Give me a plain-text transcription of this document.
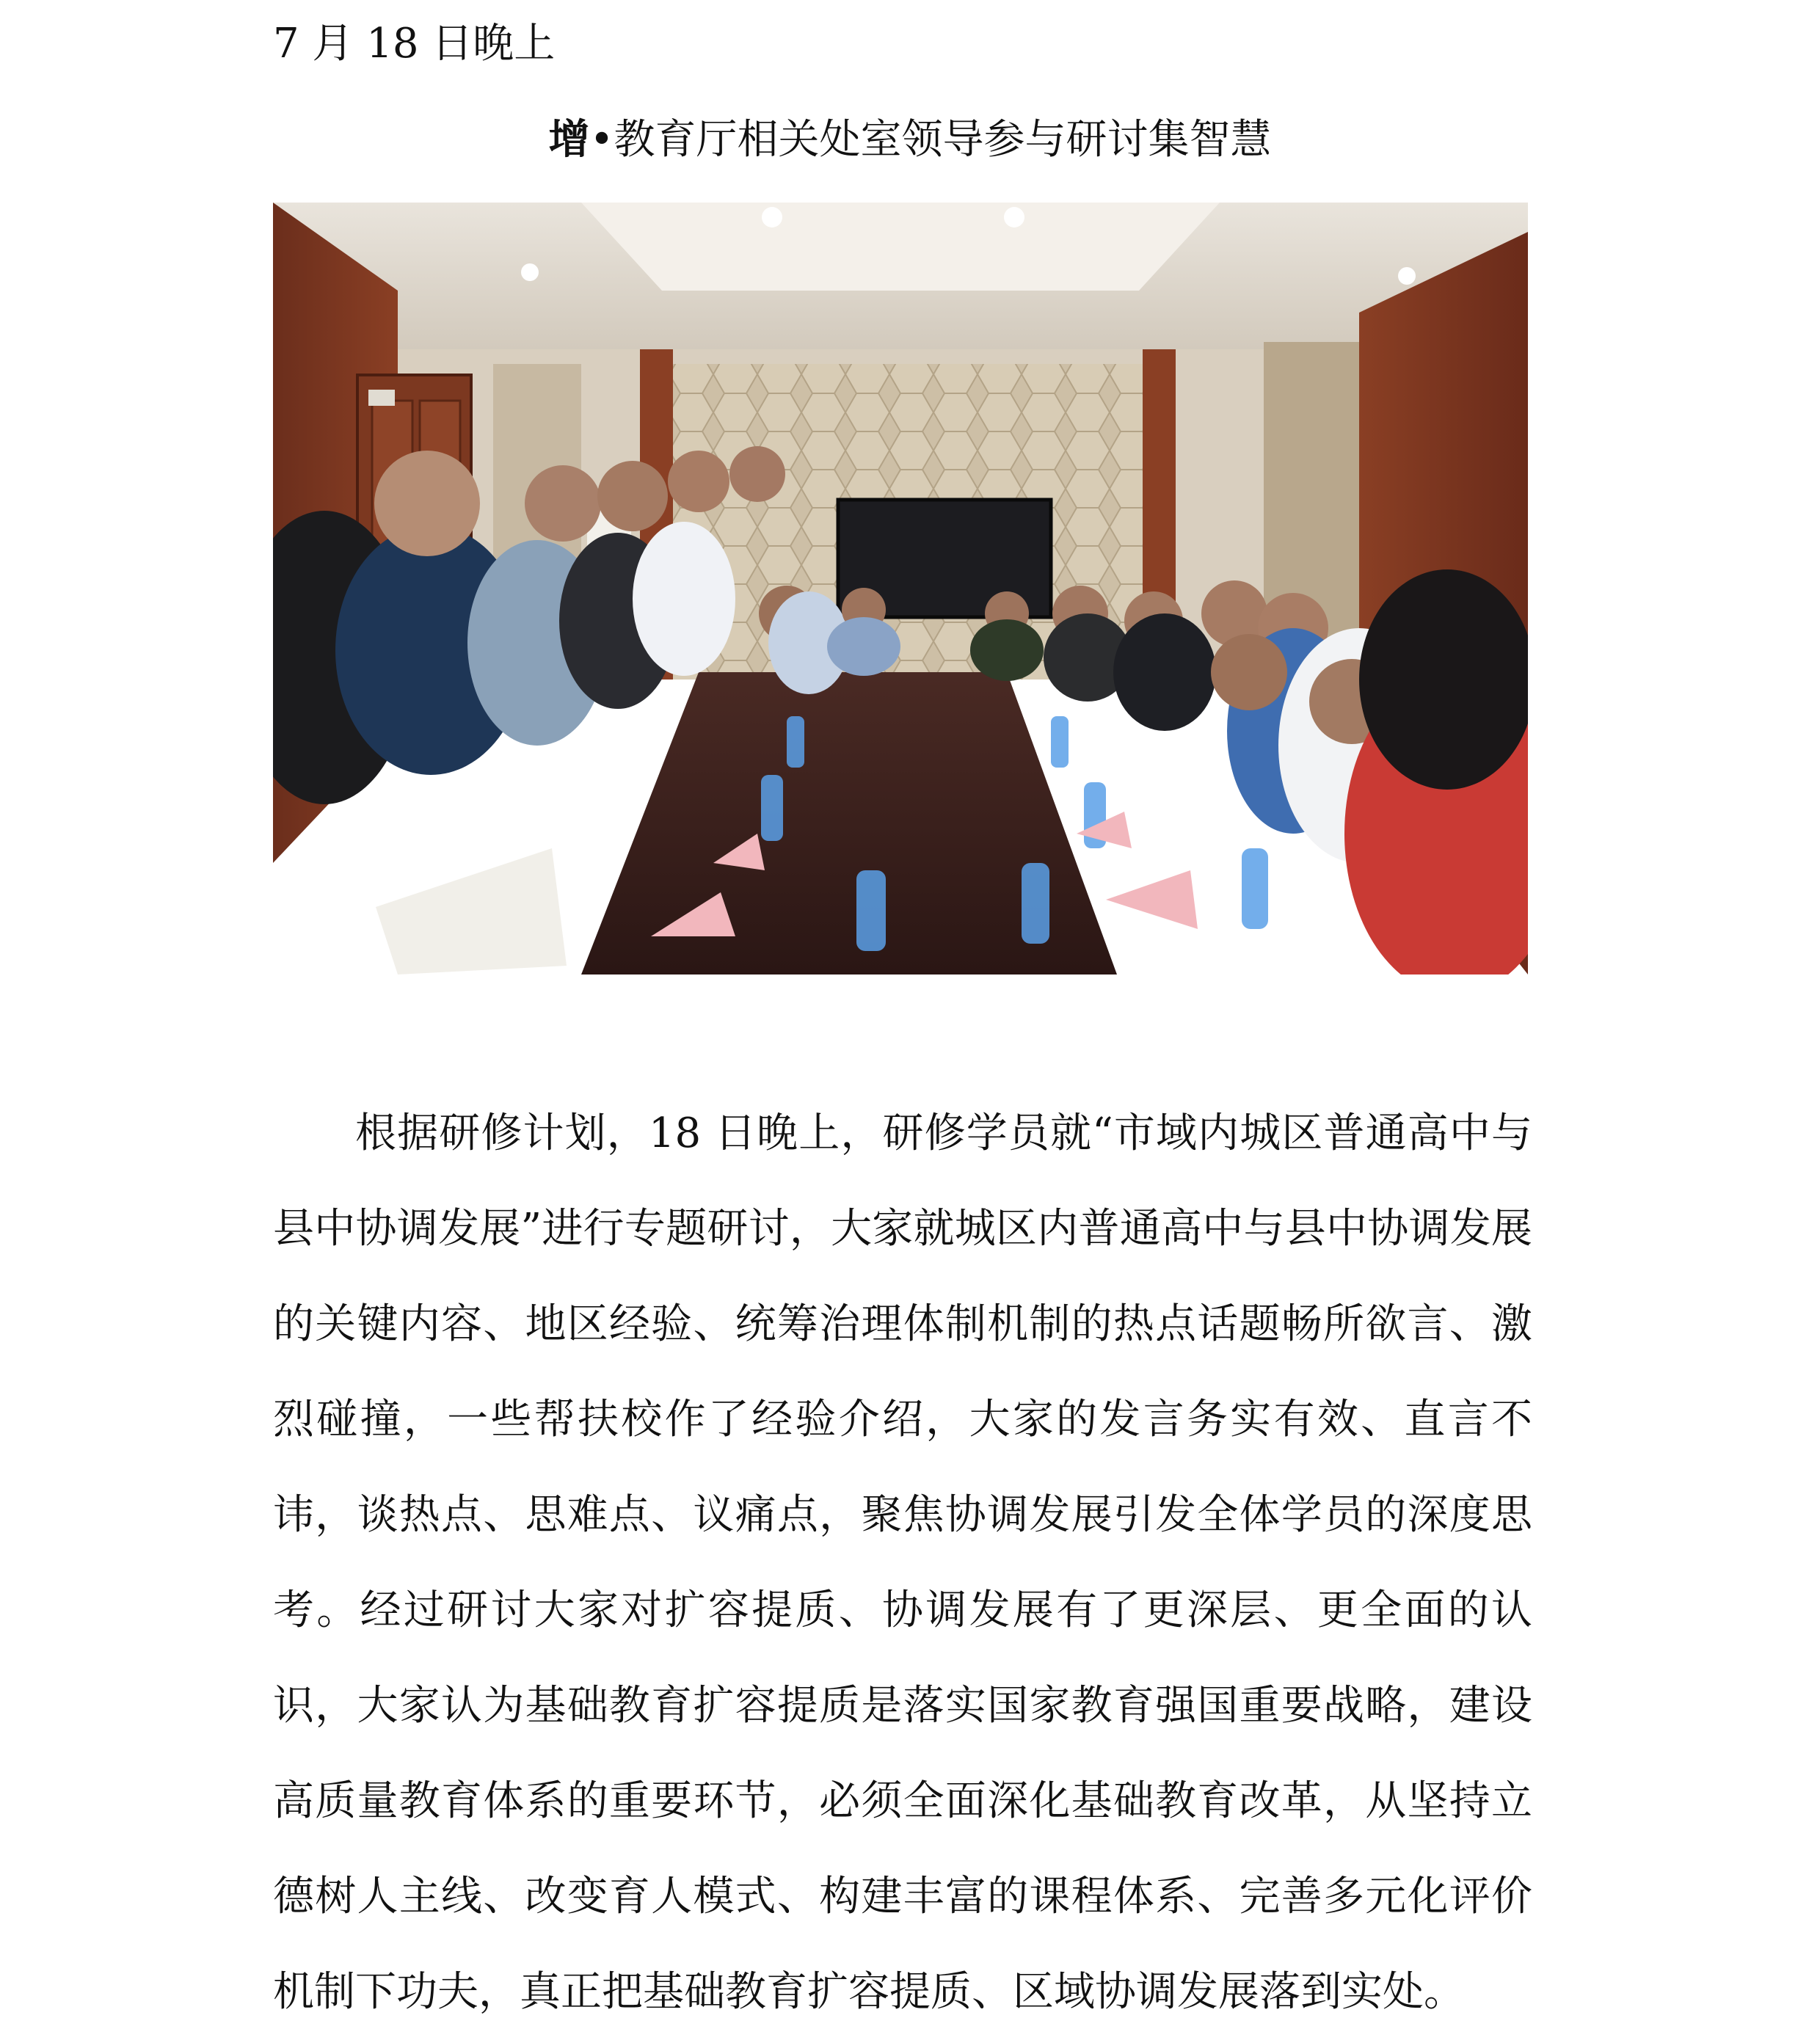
7 月 18 日晚上
增•教育厅相关处室领导参与研讨集智慧

根据研修计划，18 日晚上，研修学员就“市域内城区普通高中与县中协调发展”进行专题研讨，大家就城区内普通高中与县中协调发展的关键内容、地区经验、统筹治理体制机制的热点话题畅所欲言、激烈碰撞，一些帮扶校作了经验介绍，大家的发言务实有效、直言不讳，谈热点、思难点、议痛点，聚焦协调发展引发全体学员的深度思考。经过研讨大家对扩容提质、协调发展有了更深层、更全面的认识，大家认为基础教育扩容提质是落实国家教育强国重要战略，建设高质量教育体系的重要环节，必须全面深化基础教育改革，从坚持立德树人主线、改变育人模式、构建丰富的课程体系、完善多元化评价机制下功夫，真正把基础教育扩容提质、区域协调发展落到实处。
